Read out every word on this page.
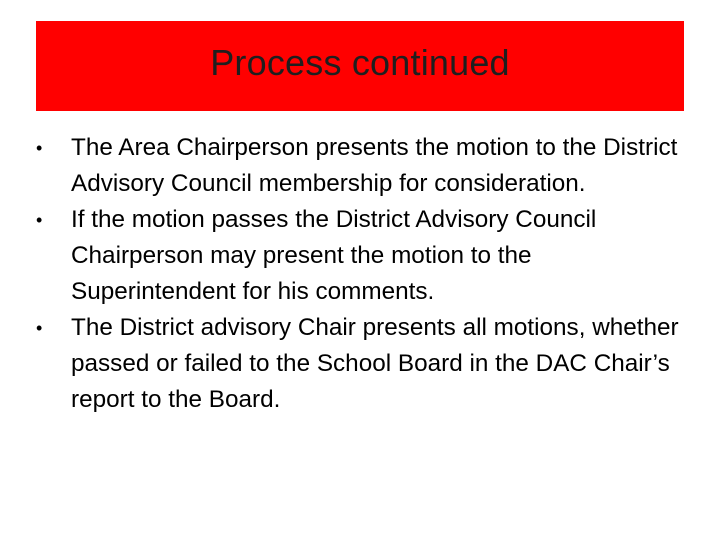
Process continued
•	The Area Chairperson presents the motion to the District Advisory Council membership for consideration.
•	If the motion passes the District Advisory Council Chairperson may present the motion to the Superintendent for his comments.
•	The District advisory Chair presents all motions, whether passed or failed to the School Board in the DAC Chair’s report to the Board.
